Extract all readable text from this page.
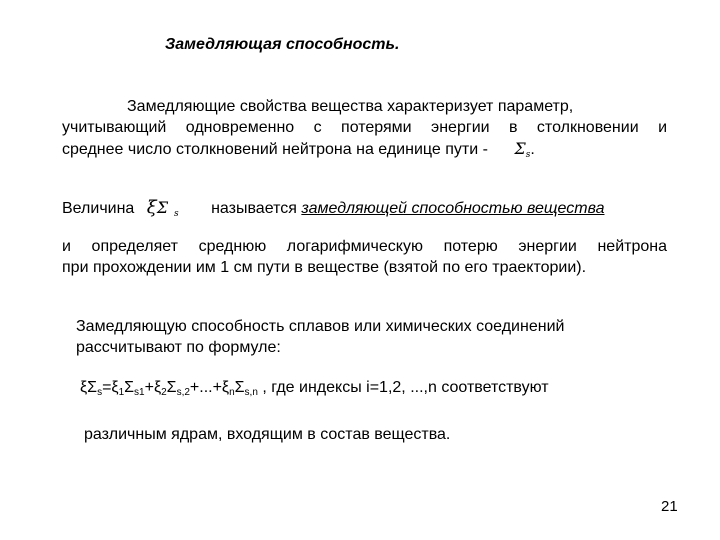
Замедляющая способность.
Замедляющие свойства вещества характеризует параметр,
учитывающий одновременно с потерями энергии в столкновении и
среднее число столкновений нейтрона на единице пути - $\Sigma_s$.
Величина ξΣ $_s$ называется замедляющей способностью вещества
и определяет среднюю логарифмическую потерю энергии нейтрона
при прохождении им 1 см пути в веществе (взятой по его траектории).
Замедляющую способность сплавов или химических соединений
рассчитывают по формуле:
ξΣs=ξ1Σs1+ξ2Σs,2+...+ξnΣs,n , где индексы i=1,2, ...,n соответствуют
различным ядрам, входящим в состав вещества.
21
